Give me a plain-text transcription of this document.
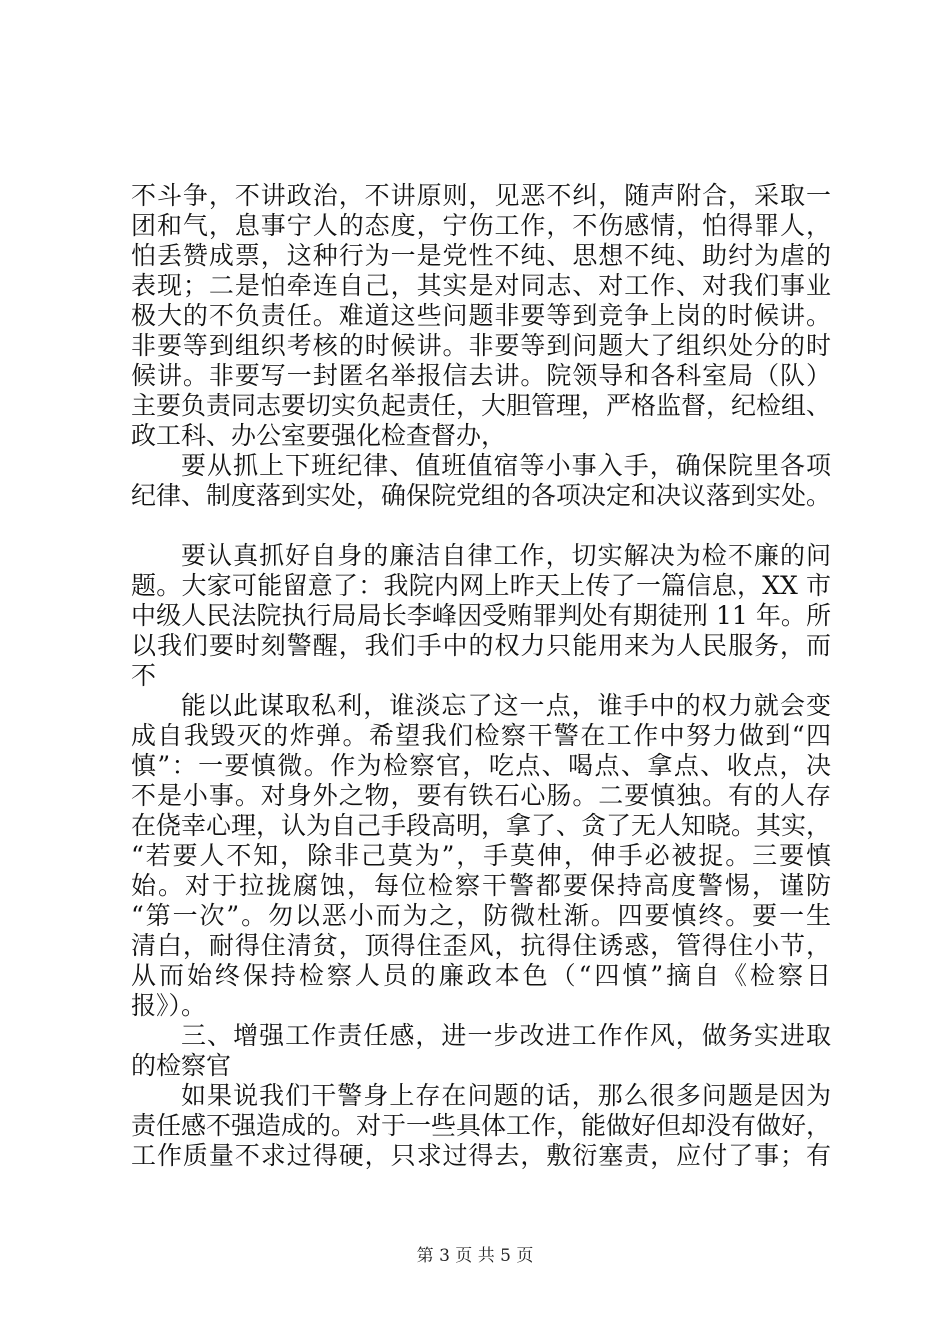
不斗争，不讲政治，不讲原则，见恶不纠，随声附合，采取一
团和气，息事宁人的态度，宁伤工作，不伤感情，怕得罪人，
怕丢赞成票，这种行为一是党性不纯、思想不纯、助纣为虐的
表现；二是怕牵连自己，其实是对同志、对工作、对我们事业
极大的不负责任。难道这些问题非要等到竞争上岗的时候讲。
非要等到组织考核的时候讲。非要等到问题大了组织处分的时
候讲。非要写一封匿名举报信去讲。院领导和各科室局（队）
主要负责同志要切实负起责任，大胆管理，严格监督，纪检组、
政工科、办公室要强化检查督办，
要从抓上下班纪律、值班值宿等小事入手，确保院里各项
纪律、制度落到实处，确保院党组的各项决定和决议落到实处。
要认真抓好自身的廉洁自律工作，切实解决为检不廉的问
题。大家可能留意了：我院内网上昨天上传了一篇信息，XX 市
中级人民法院执行局局长李峰因受贿罪判处有期徒刑 11 年。所
以我们要时刻警醒，我们手中的权力只能用来为人民服务，而
不
能以此谋取私利，谁淡忘了这一点，谁手中的权力就会变
成自我毁灭的炸弹。希望我们检察干警在工作中努力做到“四
慎”：一要慎微。作为检察官，吃点、喝点、拿点、收点，决
不是小事。对身外之物，要有铁石心肠。二要慎独。有的人存
在侥幸心理，认为自己手段高明，拿了、贪了无人知晓。其实，
“若要人不知，除非己莫为”，手莫伸，伸手必被捉。三要慎
始。对于拉拢腐蚀，每位检察干警都要保持高度警惕，谨防
“第一次”。勿以恶小而为之，防微杜渐。四要慎终。要一生
清白，耐得住清贫，顶得住歪风，抗得住诱惑，管得住小节，
从而始终保持检察人员的廉政本色（“四慎”摘自《检察日
报》）。
三、增强工作责任感，进一步改进工作作风，做务实进取
的检察官
如果说我们干警身上存在问题的话，那么很多问题是因为
责任感不强造成的。对于一些具体工作，能做好但却没有做好，
工作质量不求过得硬，只求过得去，敷衍塞责，应付了事；有
第 3 页 共 5 页
